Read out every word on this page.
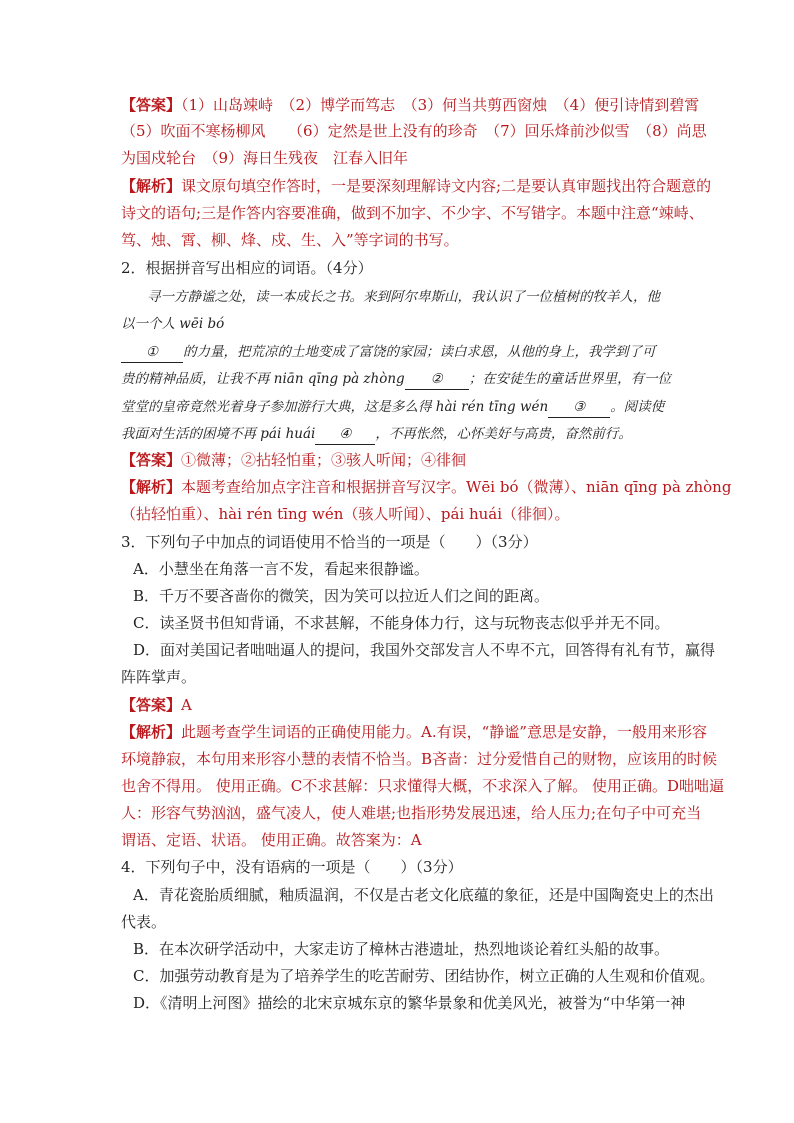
【答案】（1）山岛竦峙　（2）博学而笃志　（3）何当共剪西窗烛　（4）便引诗情到碧霄
（5）吹面不寒杨柳风　　（6）定然是世上没有的珍奇　（7）回乐烽前沙似雪　（8）尚思
为国戍轮台　（9）海日生残夜　江春入旧年
【解析】课文原句填空作答时，一是要深刻理解诗文内容;二是要认真审题找出符合题意的
诗文的语句;三是作答内容要准确，做到不加字、不少字、不写错字。本题中注意“竦峙、
笃、烛、霄、柳、烽、戍、生、入”等字词的书写。
2．根据拼音写出相应的词语。（4分）
寻一方静谧之处，读一本成长之书。来到阿尔卑斯山，我认识了一位植树的牧羊人，他
以一个人 wēi bó
① 的力量，把荒凉的土地变成了富饶的家园；读白求恩，从他的身上，我学到了可
贵的精神品质，让我不再 niān qīng pà zhòng ② ；在安徒生的童话世界里，有一位
堂堂的皇帝竟然光着身子参加游行大典，这是多么得 hài rén tīng wén ③ 。阅读使
我面对生活的困境不再 pái huái ④ ，不再怅然，心怀美好与高贵，奋然前行。
【答案】①微薄；②拈轻怕重；③骇人听闻；④徘徊
【解析】本题考查给加点字注音和根据拼音写汉字。Wēi bó（微薄）、niān qīng pà zhòng
（拈轻怕重）、hài rén tīng wén（骇人听闻）、pái huái（徘徊）。
3．下列句子中加点的词语使用不恰当的一项是（　　）（3分）
A．小慧坐在角落一言不发，看起来很静谧。
B．千万不要吝啬你的微笑，因为笑可以拉近人们之间的距离。
C．读圣贤书但知背诵，不求甚解，不能身体力行，这与玩物丧志似乎并无不同。
D．面对美国记者咄咄逼人的提问，我国外交部发言人不卑不亢，回答得有礼有节，赢得
阵阵掌声。
【答案】A
【解析】此题考查学生词语的正确使用能力。A.有误，“静谧”意思是安静，一般用来形容
环境静寂，本句用来形容小慧的表情不恰当。B吝啬：过分爱惜自己的财物，应该用的时候
也舍不得用。 使用正确。C不求甚解：只求懂得大概，不求深入了解。 使用正确。D咄咄逼
人：形容气势汹汹，盛气凌人，使人难堪;也指形势发展迅速，给人压力;在句子中可充当
谓语、定语、状语。 使用正确。故答案为：A
4．下列句子中，没有语病的一项是（　　）（3分）
A．青花瓷胎质细腻，釉质温润，不仅是古老文化底蕴的象征，还是中国陶瓷史上的杰出
代表。
B．在本次研学活动中，大家走访了樟林古港遗址，热烈地谈论着红头船的故事。
C．加强劳动教育是为了培养学生的吃苦耐劳、团结协作，树立正确的人生观和价值观。
D．《清明上河图》描绘的北宋京城东京的繁华景象和优美风光，被誉为“中华第一神
